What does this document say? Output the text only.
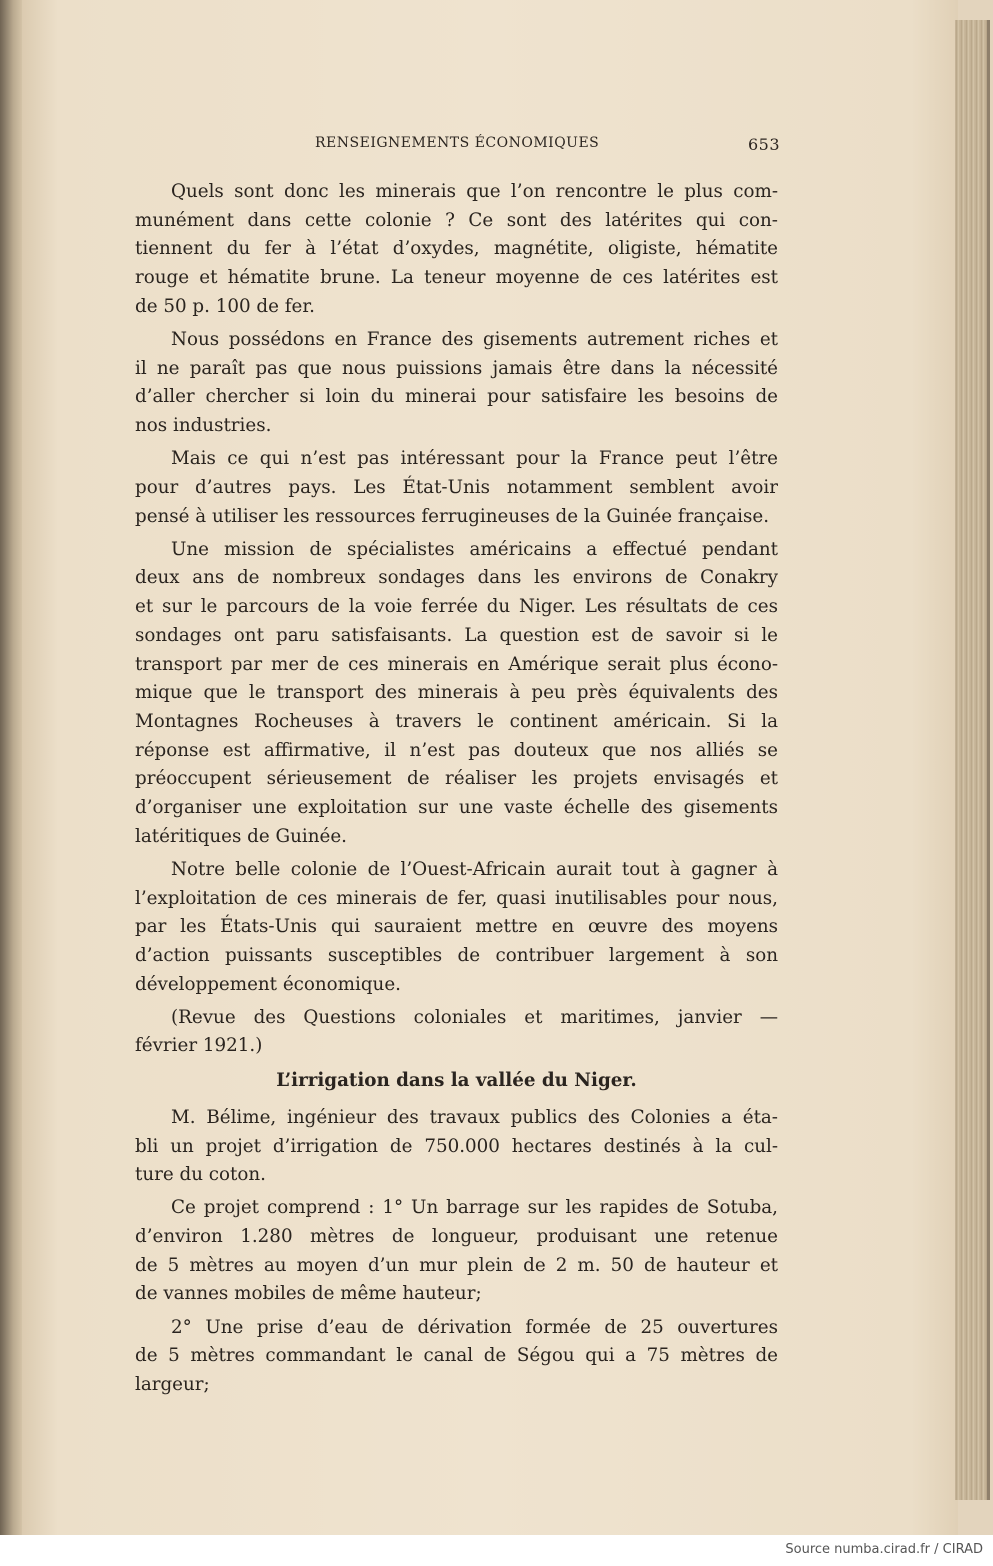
RENSEIGNEMENTS ÉCONOMIQUES	653
Quels sont donc les minerais que l’on rencontre le plus com-
munément dans cette colonie ? Ce sont des latérites qui con-
tiennent du fer à l’état d’oxydes, magnétite, oligiste, hématite
rouge et hématite brune. La teneur moyenne de ces latérites est
de 50 p. 100 de fer.
Nous possédons en France des gisements autrement riches et
il ne paraît pas que nous puissions jamais être dans la nécessité
d’aller chercher si loin du minerai pour satisfaire les besoins de
nos industries.
Mais ce qui n’est pas intéressant pour la France peut l’être
pour d’autres pays. Les État-Unis notamment semblent avoir
pensé à utiliser les ressources ferrugineuses de la Guinée française.
Une mission de spécialistes américains a effectué pendant
deux ans de nombreux sondages dans les environs de Conakry
et sur le parcours de la voie ferrée du Niger. Les résultats de ces
sondages ont paru satisfaisants. La question est de savoir si le
transport par mer de ces minerais en Amérique serait plus écono-
mique que le transport des minerais à peu près équivalents des
Montagnes Rocheuses à travers le continent américain. Si la
réponse est affirmative, il n’est pas douteux que nos alliés se
préoccupent sérieusement de réaliser les projets envisagés et
d’organiser une exploitation sur une vaste échelle des gisements
latéritiques de Guinée.
Notre belle colonie de l’Ouest-Africain aurait tout à gagner à
l’exploitation de ces minerais de fer, quasi inutilisables pour nous,
par les États-Unis qui sauraient mettre en œuvre des moyens
d’action puissants susceptibles de contribuer largement à son
développement économique.
(Revue des Questions coloniales et maritimes, janvier —
février 1921.)
L’irrigation dans la vallée du Niger.
M. Bélime, ingénieur des travaux publics des Colonies a éta-
bli un projet d’irrigation de 750.000 hectares destinés à la cul-
ture du coton.
Ce projet comprend : 1° Un barrage sur les rapides de Sotuba,
d’environ 1.280 mètres de longueur, produisant une retenue
de 5 mètres au moyen d’un mur plein de 2 m. 50 de hauteur et
de vannes mobiles de même hauteur;
2° Une prise d’eau de dérivation formée de 25 ouvertures
de 5 mètres commandant le canal de Ségou qui a 75 mètres de
largeur;
Source numba.cirad.fr / CIRAD
